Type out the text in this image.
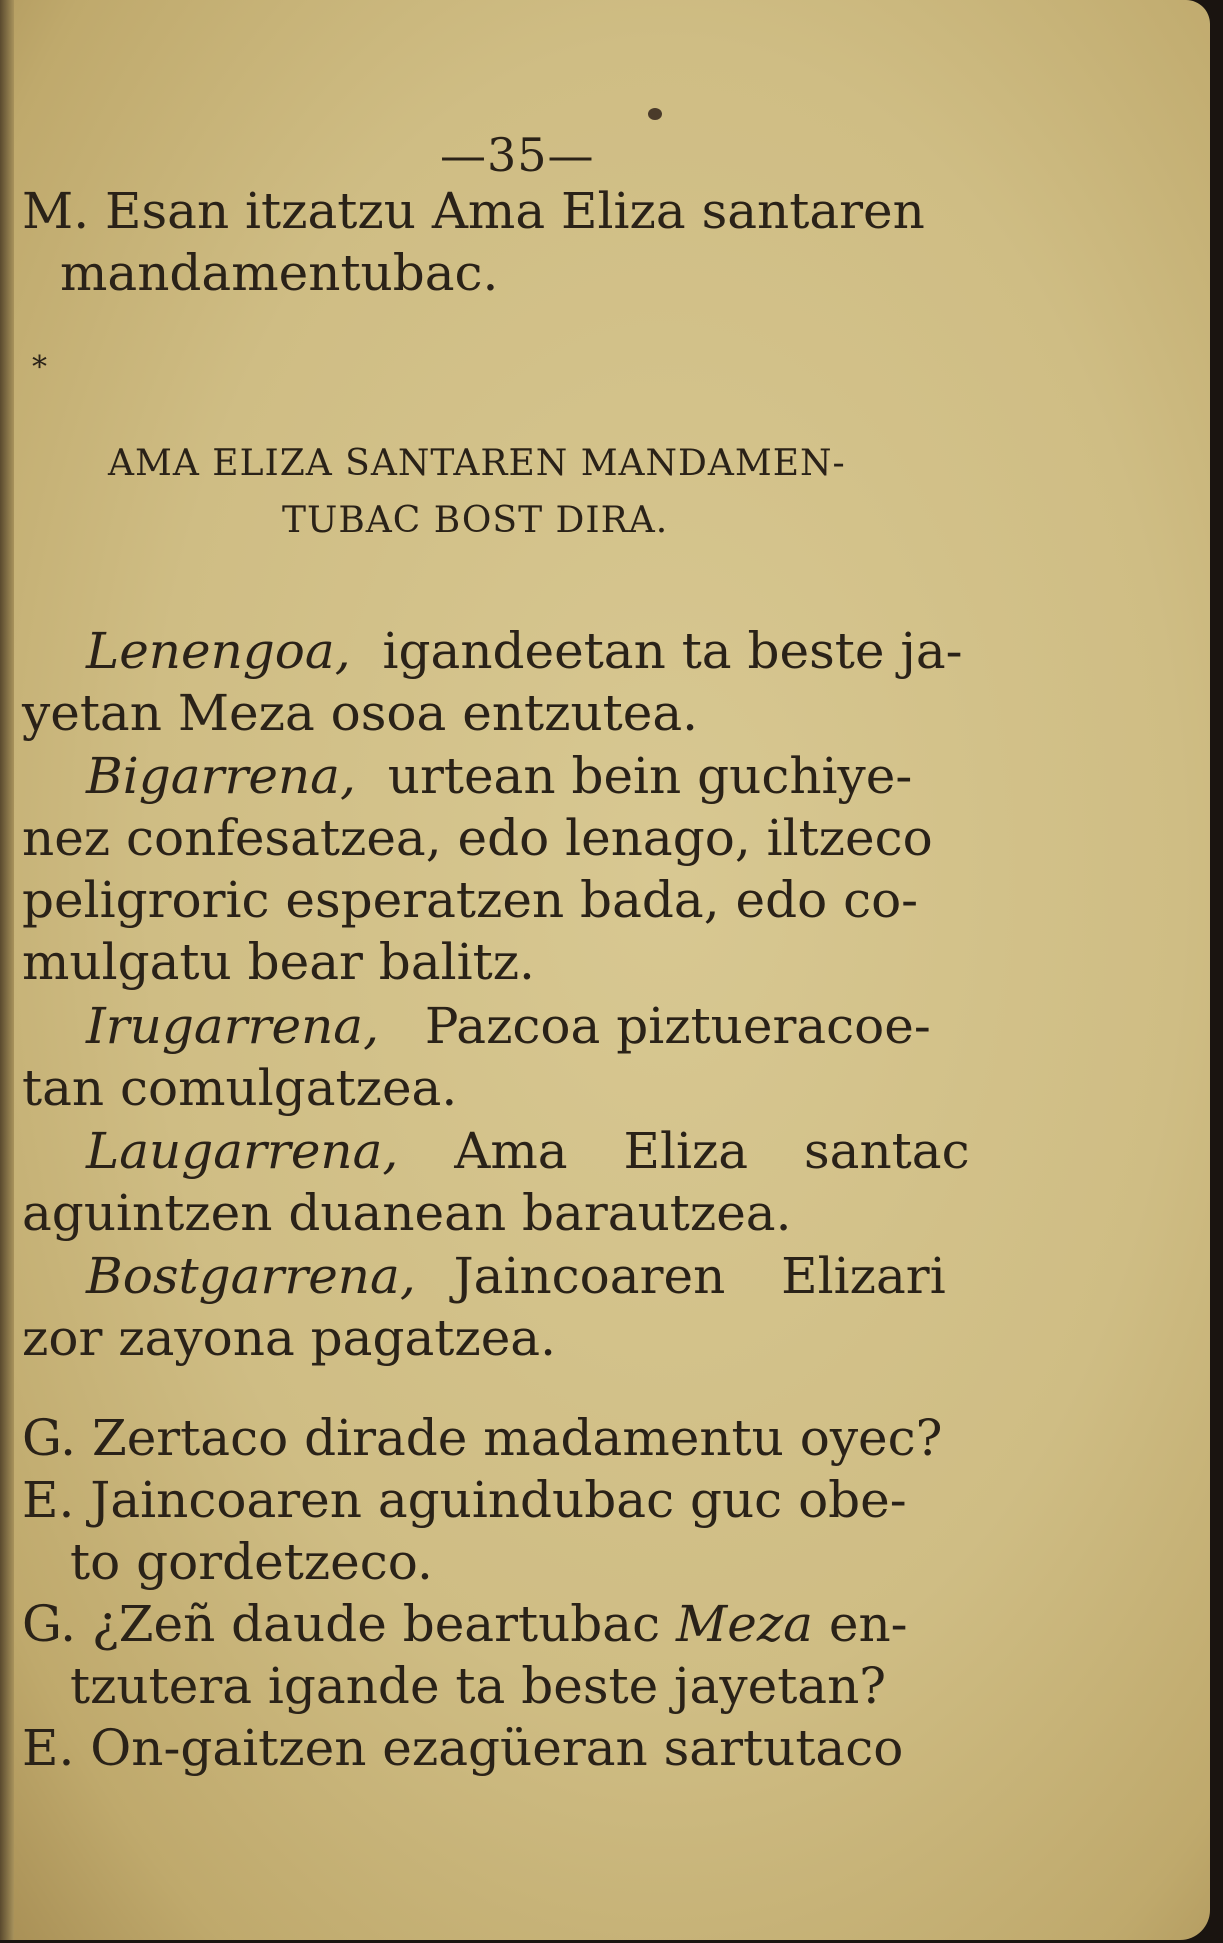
—35—
M. Esan itzatzu Ama Eliza santaren
mandamentubac.
*
AMA ELIZA SANTAREN MANDAMEN-
TUBAC BOST DIRA.
Lenengoa, igandeetan ta beste ja-
yetan Meza osoa entzutea.
Bigarrena, urtean bein guchiye-
nez confesatzea, edo lenago, iltzeco
peligroric esperatzen bada, edo co-
mulgatu bear balitz.
Irugarrena, Pazcoa piztueracoe-
tan comulgatzea.
Laugarrena, Ama Eliza santac
aguintzen duanean barautzea.
Bostgarrena, Jaincoaren Elizari
zor zayona pagatzea.
G. Zertaco dirade madamentu oyec?
E. Jaincoaren aguindubac guc obe-
to gordetzeco.
G. ¿Zeñ daude beartubac Meza en-
tzutera igande ta beste jayetan?
E. On-gaitzen ezagüeran sartutaco
